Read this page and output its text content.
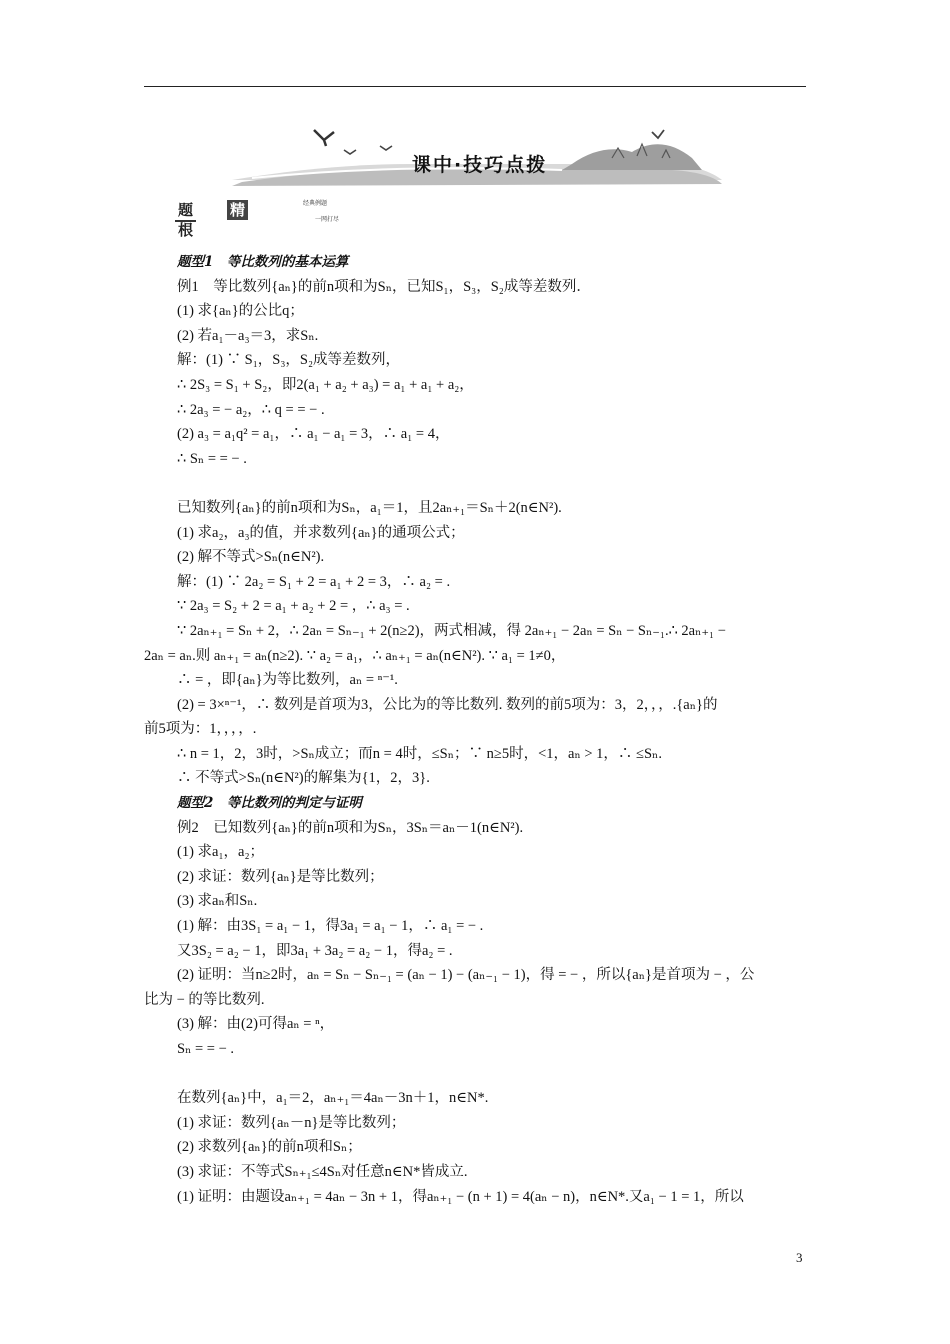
课中·技巧点拨
题根
精选
经典例题
一网打尽
题型1　等比数列的基本运算
例1　等比数列{aₙ}的前n项和为Sₙ，已知S₁，S₃，S₂成等差数列．
(1) 求{aₙ}的公比q；
(2) 若a₁－a₃＝3，求Sₙ.
解：(1) ∵ S₁，S₃，S₂成等差数列，
∴ 2S₃ = S₁ + S₂，即2(a₁ + a₂ + a₃) = a₁ + a₁ + a₂，
∴ 2a₃ = − a₂，∴ q = = − .
(2) a₃ = a₁q² = a₁，∴ a₁ − a₁ = 3，∴ a₁ = 4，
∴ Sₙ = = − .
已知数列{aₙ}的前n项和为Sₙ，a₁＝1，且2aₙ₊₁＝Sₙ＋2(n∈N²).
(1) 求a₂，a₃的值，并求数列{aₙ}的通项公式；
(2) 解不等式>Sₙ(n∈N²).
解：(1) ∵ 2a₂ = S₁ + 2 = a₁ + 2 = 3，∴ a₂ = .
∵ 2a₃ = S₂ + 2 = a₁ + a₂ + 2 = ，∴ a₃ = .
∵ 2aₙ₊₁ = Sₙ + 2，∴ 2aₙ = Sₙ₋₁ + 2(n≥2)，两式相减，得 2aₙ₊₁ − 2aₙ = Sₙ − Sₙ₋₁.∴ 2aₙ₊₁ −
2aₙ = aₙ.则 aₙ₊₁ = aₙ(n≥2). ∵ a₂ = a₁，∴ aₙ₊₁ = aₙ(n∈N²). ∵ a₁ = 1≠0，
∴ = ，即{aₙ}为等比数列，aₙ = ⁿ⁻¹.
(2) = 3×ⁿ⁻¹，∴ 数列是首项为3，公比为的等比数列. 数列的前5项为：3，2，，，.{aₙ}的
前5项为：1，，，，.
∴ n = 1，2，3时，>Sₙ成立；而n = 4时，≤Sₙ；∵ n≥5时，<1，aₙ > 1，∴ ≤Sₙ.
∴ 不等式>Sₙ(n∈N²)的解集为{1，2，3}.
题型2　等比数列的判定与证明
例2　已知数列{aₙ}的前n项和为Sₙ，3Sₙ＝aₙ－1(n∈N²).
(1) 求a₁，a₂；
(2) 求证：数列{aₙ}是等比数列；
(3) 求aₙ和Sₙ.
(1) 解：由3S₁ = a₁ − 1，得3a₁ = a₁ − 1，∴ a₁ = − .
又3S₂ = a₂ − 1，即3a₁ + 3a₂ = a₂ − 1，得a₂ = .
(2) 证明：当n≥2时，aₙ = Sₙ − Sₙ₋₁ = (aₙ − 1) − (aₙ₋₁ − 1)，得 = − ，所以{aₙ}是首项为 − ，公
比为 − 的等比数列.
(3) 解：由(2)可得aₙ = ⁿ，
Sₙ = = − .
在数列{aₙ}中，a₁＝2，aₙ₊₁＝4aₙ－3n＋1，n∈N*.
(1) 求证：数列{aₙ－n}是等比数列；
(2) 求数列{aₙ}的前n项和Sₙ；
(3) 求证：不等式Sₙ₊₁≤4Sₙ对任意n∈N*皆成立.
(1) 证明：由题设aₙ₊₁ = 4aₙ − 3n + 1，得aₙ₊₁ − (n + 1) = 4(aₙ − n)，n∈N*.又a₁ − 1 = 1，所以
3
